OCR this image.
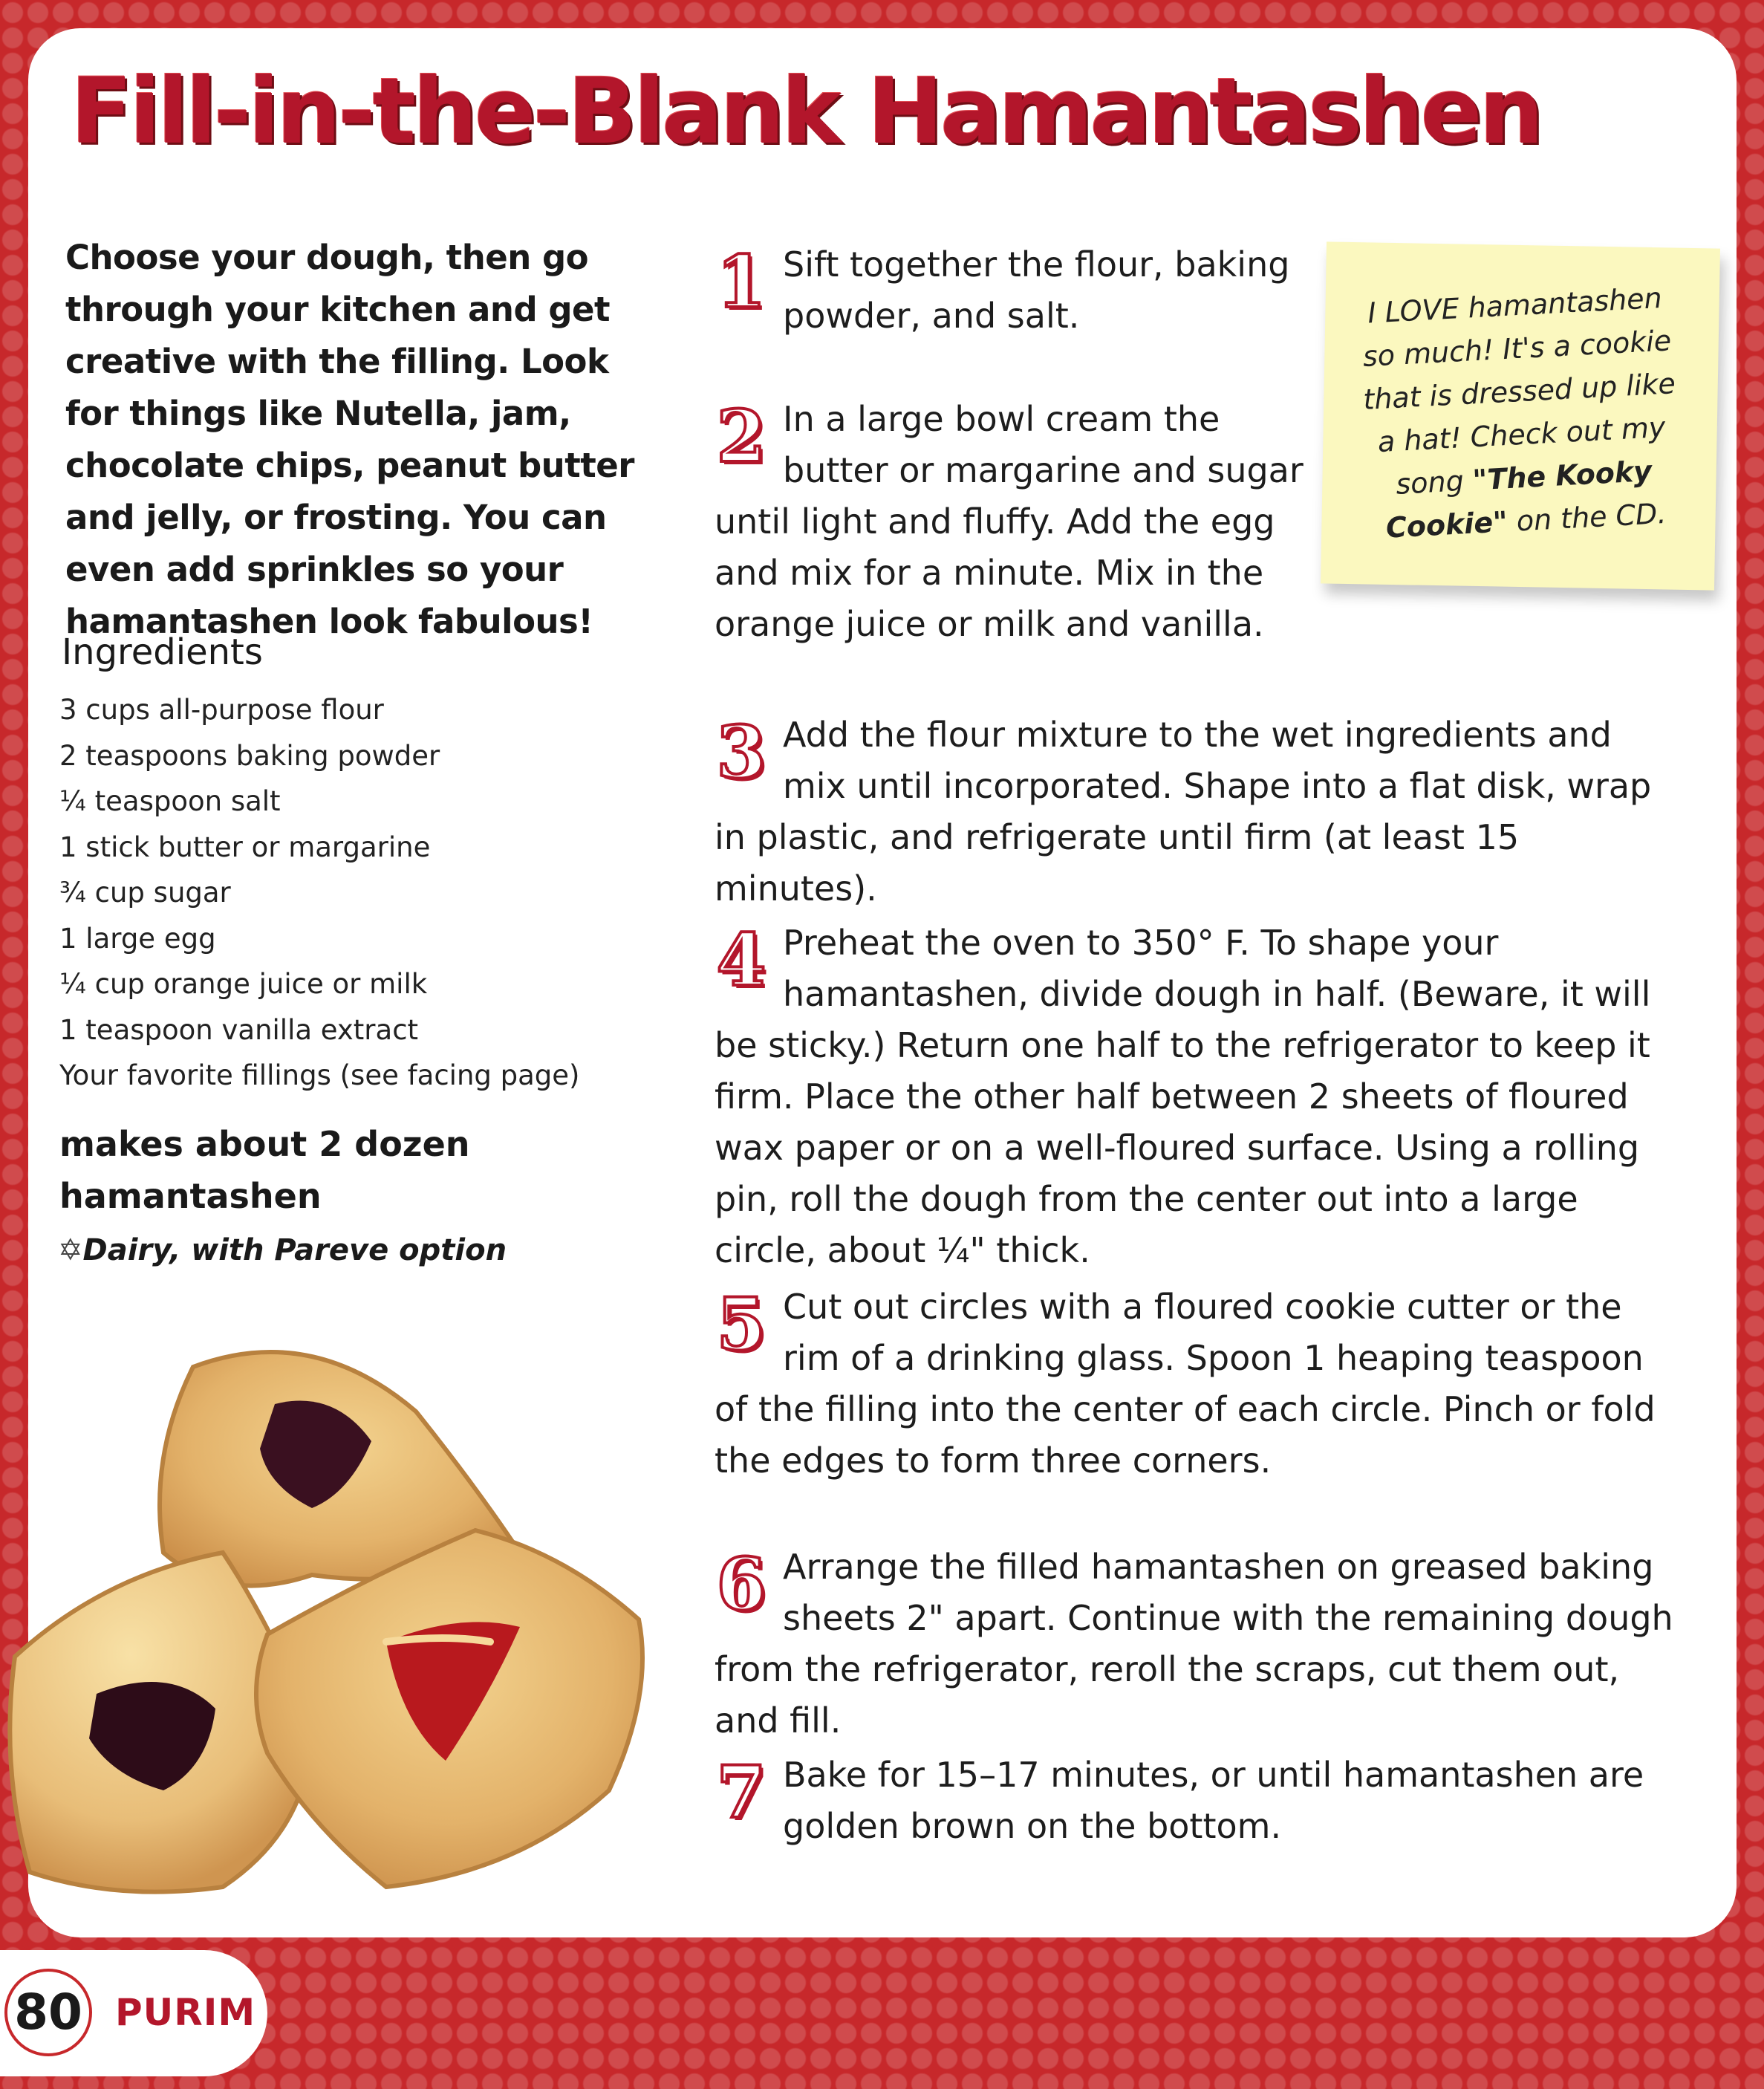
Fill-in-the-Blank Hamantashen

Choose your dough, then go through your kitchen and get creative with the filling. Look for things like Nutella, jam, chocolate chips, peanut butter and jelly, or frosting. You can even add sprinkles so your hamantashen look fabulous!

Ingredients
3 cups all-purpose flour
2 teaspoons baking powder
¼ teaspoon salt
1 stick butter or margarine
¾ cup sugar
1 large egg
¼ cup orange juice or milk
1 teaspoon vanilla extract
Your favorite fillings (see facing page)

makes about 2 dozen hamantashen

✡Dairy, with Pareve option

1 Sift together the flour, baking powder, and salt.
2 In a large bowl cream the butter or margarine and sugar until light and fluffy. Add the egg and mix for a minute. Mix in the orange juice or milk and vanilla.
3 Add the flour mixture to the wet ingredients and mix until incorporated. Shape into a flat disk, wrap in plastic, and refrigerate until firm (at least 15 minutes).
4 Preheat the oven to 350° F. To shape your hamantashen, divide dough in half. (Beware, it will be sticky.) Return one half to the refrigerator to keep it firm. Place the other half between 2 sheets of floured wax paper or on a well-floured surface. Using a rolling pin, roll the dough from the center out into a large circle, about ¼" thick.
5 Cut out circles with a floured cookie cutter or the rim of a drinking glass. Spoon 1 heaping teaspoon of the filling into the center of each circle. Pinch or fold the edges to form three corners.
6 Arrange the filled hamantashen on greased baking sheets 2" apart. Continue with the remaining dough from the refrigerator, reroll the scraps, cut them out, and fill.
7 Bake for 15–17 minutes, or until hamantashen are golden brown on the bottom.

I LOVE hamantashen so much! It's a cookie that is dressed up like a hat! Check out my song "The Kooky Cookie" on the CD.

80 PURIM
